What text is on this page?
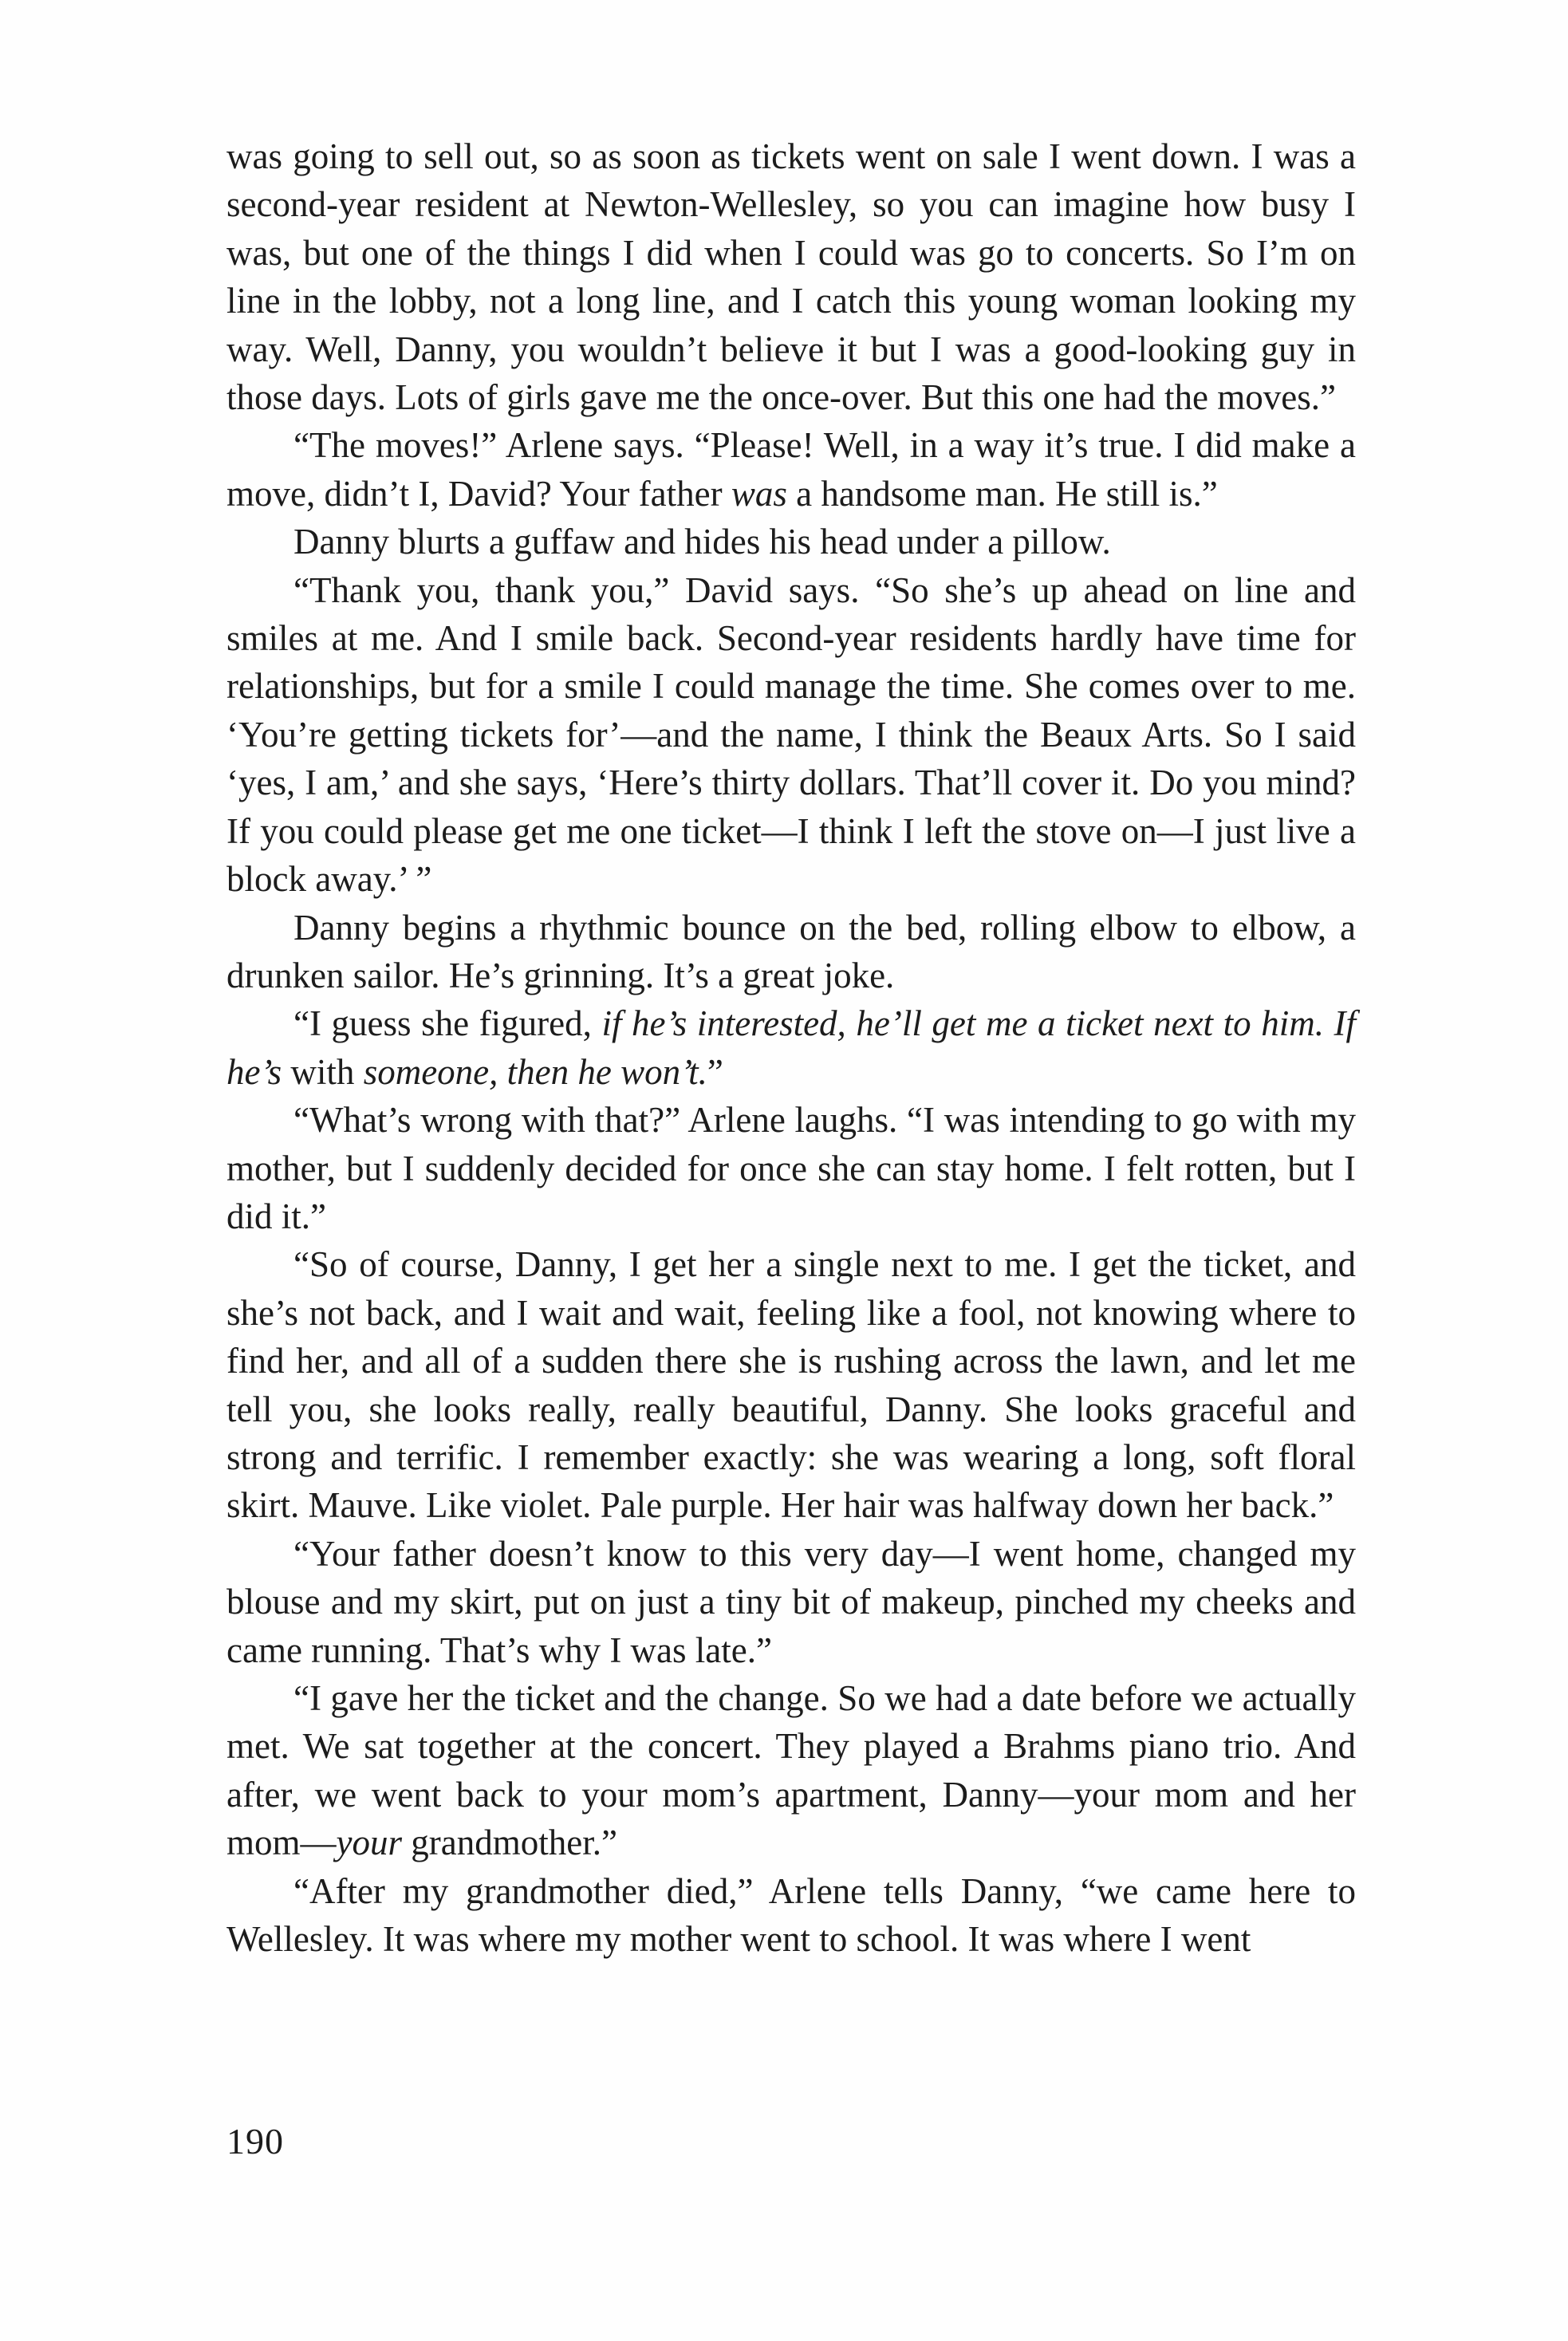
was going to sell out, so as soon as tickets went on sale I went down. I was a second-year resident at Newton-Wellesley, so you can imagine how busy I was, but one of the things I did when I could was go to concerts. So I’m on line in the lobby, not a long line, and I catch this young woman looking my way. Well, Danny, you wouldn’t believe it but I was a good-looking guy in those days. Lots of girls gave me the once-over. But this one had the moves.”

“The moves!” Arlene says. “Please! Well, in a way it’s true. I did make a move, didn’t I, David? Your father was a handsome man. He still is.”

Danny blurts a guffaw and hides his head under a pillow.

“Thank you, thank you,” David says. “So she’s up ahead on line and smiles at me. And I smile back. Second-year residents hardly have time for relationships, but for a smile I could manage the time. She comes over to me. ‘You’re getting tickets for’—and the name, I think the Beaux Arts. So I said ‘yes, I am,’ and she says, ‘Here’s thirty dollars. That’ll cover it. Do you mind? If you could please get me one ticket—I think I left the stove on—I just live a block away.’ ”

Danny begins a rhythmic bounce on the bed, rolling elbow to elbow, a drunken sailor. He’s grinning. It’s a great joke.

“I guess she figured, if he’s interested, he’ll get me a ticket next to him. If he’s with someone, then he won’t.”

“What’s wrong with that?” Arlene laughs. “I was intending to go with my mother, but I suddenly decided for once she can stay home. I felt rotten, but I did it.”

“So of course, Danny, I get her a single next to me. I get the ticket, and she’s not back, and I wait and wait, feeling like a fool, not knowing where to find her, and all of a sudden there she is rushing across the lawn, and let me tell you, she looks really, really beautiful, Danny. She looks graceful and strong and terrific. I remember exactly: she was wearing a long, soft floral skirt. Mauve. Like violet. Pale purple. Her hair was halfway down her back.”

“Your father doesn’t know to this very day—I went home, changed my blouse and my skirt, put on just a tiny bit of makeup, pinched my cheeks and came running. That’s why I was late.”

“I gave her the ticket and the change. So we had a date before we actually met. We sat together at the concert. They played a Brahms piano trio. And after, we went back to your mom’s apartment, Danny—your mom and her mom—your grandmother.”

“After my grandmother died,” Arlene tells Danny, “we came here to Wellesley. It was where my mother went to school. It was where I went

190
